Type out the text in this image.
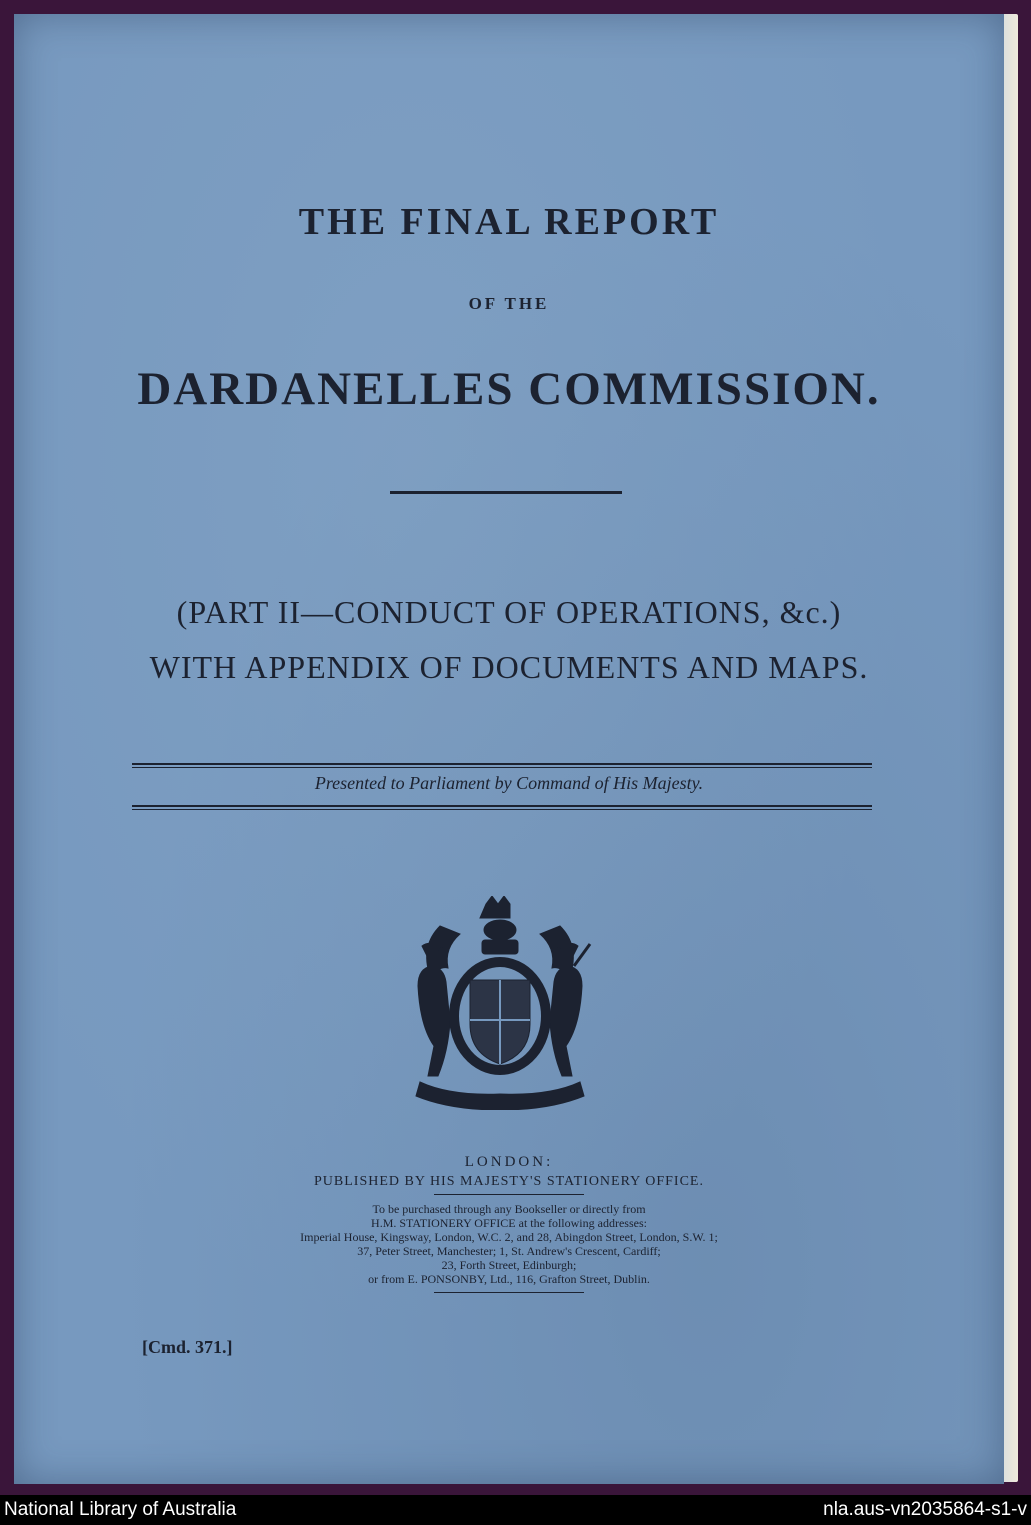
THE FINAL REPORT
OF THE
DARDANELLES COMMISSION.
(PART II—CONDUCT OF OPERATIONS, &c.)
WITH APPENDIX OF DOCUMENTS AND MAPS.
Presented to Parliament by Command of His Majesty.
LONDON:
PUBLISHED BY HIS MAJESTY'S STATIONERY OFFICE.
To be purchased through any Bookseller or directly from
H.M. STATIONERY OFFICE at the following addresses:
Imperial House, Kingsway, London, W.C. 2, and 28, Abingdon Street, London, S.W. 1;
37, Peter Street, Manchester; 1, St. Andrew's Crescent, Cardiff;
23, Forth Street, Edinburgh;
or from E. PONSONBY, Ltd., 116, Grafton Street, Dublin.
[Cmd. 371.]
National Library of Australia	nla.aus-vn2035864-s1-v
